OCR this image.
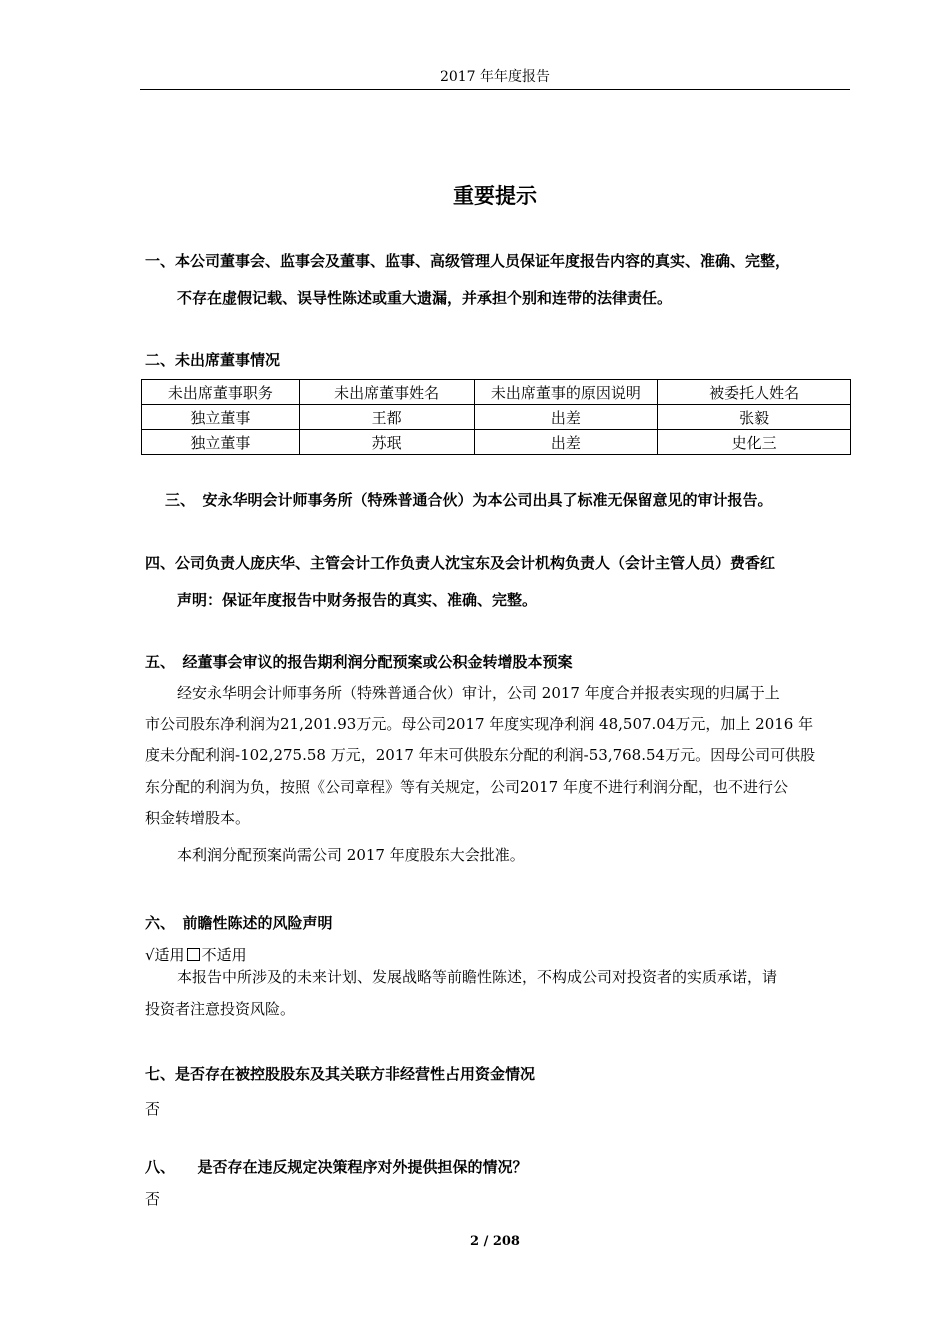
2017 年年度报告
重要提示
一、本公司董事会、监事会及董事、监事、高级管理人员保证年度报告内容的真实、准确、完整，
不存在虚假记载、误导性陈述或重大遗漏，并承担个别和连带的法律责任。
二、未出席董事情况
未出席董事职务	未出席董事姓名	未出席董事的原因说明	被委托人姓名
独立董事	王都	出差	张毅
独立董事	苏珉	出差	史化三
三、　安永华明会计师事务所（特殊普通合伙）为本公司出具了标准无保留意见的审计报告。
四、公司负责人庞庆华、主管会计工作负责人沈宝东及会计机构负责人（会计主管人员）费香红
声明：保证年度报告中财务报告的真实、准确、完整。
五、　经董事会审议的报告期利润分配预案或公积金转增股本预案
经安永华明会计师事务所（特殊普通合伙）审计，公司 2017 年度合并报表实现的归属于上
市公司股东净利润为21,201.93万元。母公司2017 年度实现净利润 48,507.04万元，加上 2016 年
度未分配利润-102,275.58 万元，2017 年末可供股东分配的利润-53,768.54万元。因母公司可供股
东分配的利润为负，按照《公司章程》等有关规定，公司2017 年度不进行利润分配，也不进行公
积金转增股本。
本利润分配预案尚需公司 2017 年度股东大会批准。
六、　前瞻性陈述的风险声明
√适用 不适用
本报告中所涉及的未来计划、发展战略等前瞻性陈述，不构成公司对投资者的实质承诺，请
投资者注意投资风险。
七、是否存在被控股股东及其关联方非经营性占用资金情况
否
八、　　是否存在违反规定决策程序对外提供担保的情况？
否
2 / 208
